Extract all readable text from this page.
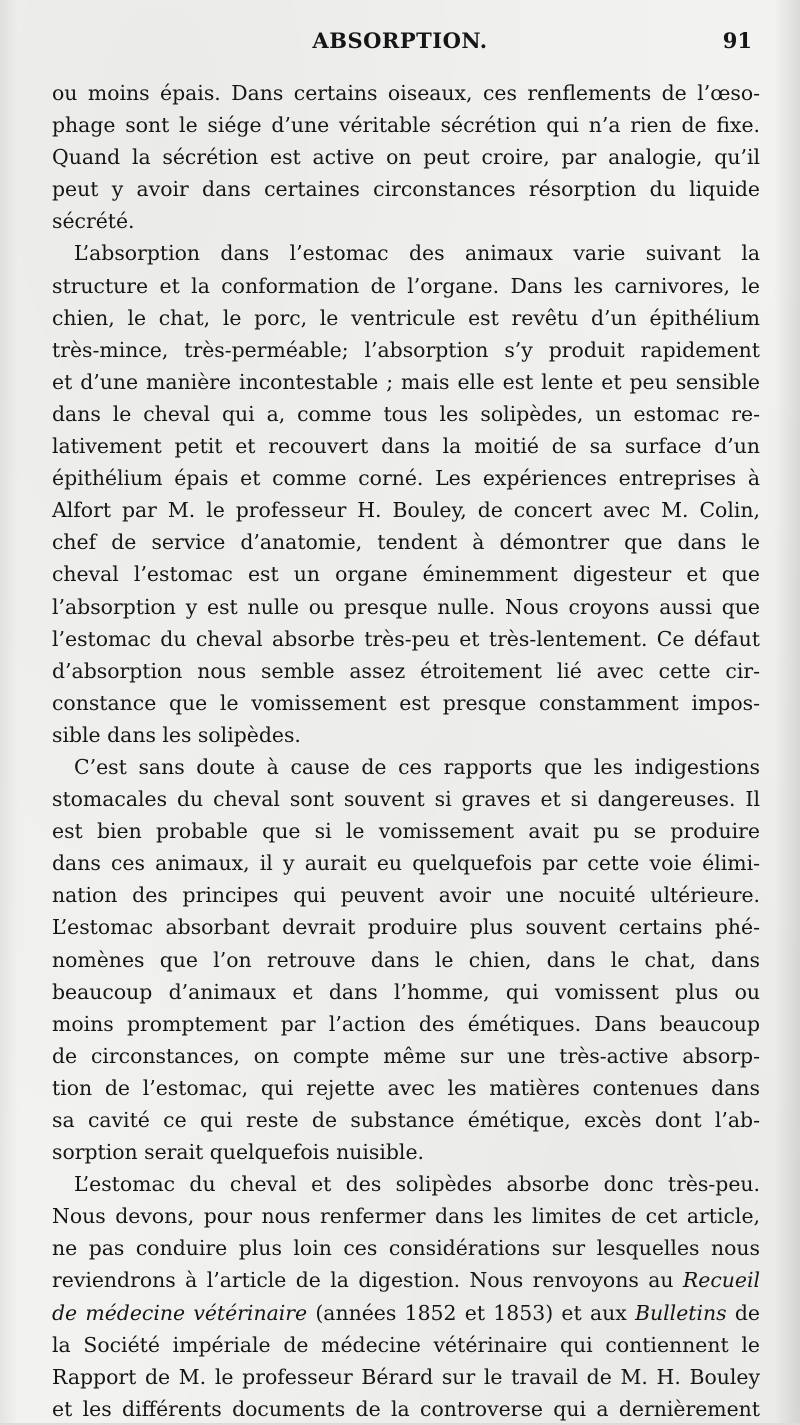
ABSORPTION.	91
ou moins épais. Dans certains oiseaux, ces renflements de l’œso-
phage sont le siége d’une véritable sécrétion qui n’a rien de fixe.
Quand la sécrétion est active on peut croire, par analogie, qu’il
peut y avoir dans certaines circonstances résorption du liquide
sécrété.
L’absorption dans l’estomac des animaux varie suivant la
structure et la conformation de l’organe. Dans les carnivores, le
chien, le chat, le porc, le ventricule est revêtu d’un épithélium
très-mince, très-perméable; l’absorption s’y produit rapidement
et d’une manière incontestable ; mais elle est lente et peu sensible
dans le cheval qui a, comme tous les solipèdes, un estomac re-
lativement petit et recouvert dans la moitié de sa surface d’un
épithélium épais et comme corné. Les expériences entreprises à
Alfort par M. le professeur H. Bouley, de concert avec M. Colin,
chef de service d’anatomie, tendent à démontrer que dans le
cheval l’estomac est un organe éminemment digesteur et que
l’absorption y est nulle ou presque nulle. Nous croyons aussi que
l’estomac du cheval absorbe très-peu et très-lentement. Ce défaut
d’absorption nous semble assez étroitement lié avec cette cir-
constance que le vomissement est presque constamment impos-
sible dans les solipèdes.
C’est sans doute à cause de ces rapports que les indigestions
stomacales du cheval sont souvent si graves et si dangereuses. Il
est bien probable que si le vomissement avait pu se produire
dans ces animaux, il y aurait eu quelquefois par cette voie élimi-
nation des principes qui peuvent avoir une nocuité ultérieure.
L’estomac absorbant devrait produire plus souvent certains phé-
nomènes que l’on retrouve dans le chien, dans le chat, dans
beaucoup d’animaux et dans l’homme, qui vomissent plus ou
moins promptement par l’action des émétiques. Dans beaucoup
de circonstances, on compte même sur une très-active absorp-
tion de l’estomac, qui rejette avec les matières contenues dans
sa cavité ce qui reste de substance émétique, excès dont l’ab-
sorption serait quelquefois nuisible.
L’estomac du cheval et des solipèdes absorbe donc très-peu.
Nous devons, pour nous renfermer dans les limites de cet article,
ne pas conduire plus loin ces considérations sur lesquelles nous
reviendrons à l’article de la digestion. Nous renvoyons au Recueil
de médecine vétérinaire (années 1852 et 1853) et aux Bulletins de
la Société impériale de médecine vétérinaire qui contiennent le
Rapport de M. le professeur Bérard sur le travail de M. H. Bouley
et les différents documents de la controverse qui a dernièrement
